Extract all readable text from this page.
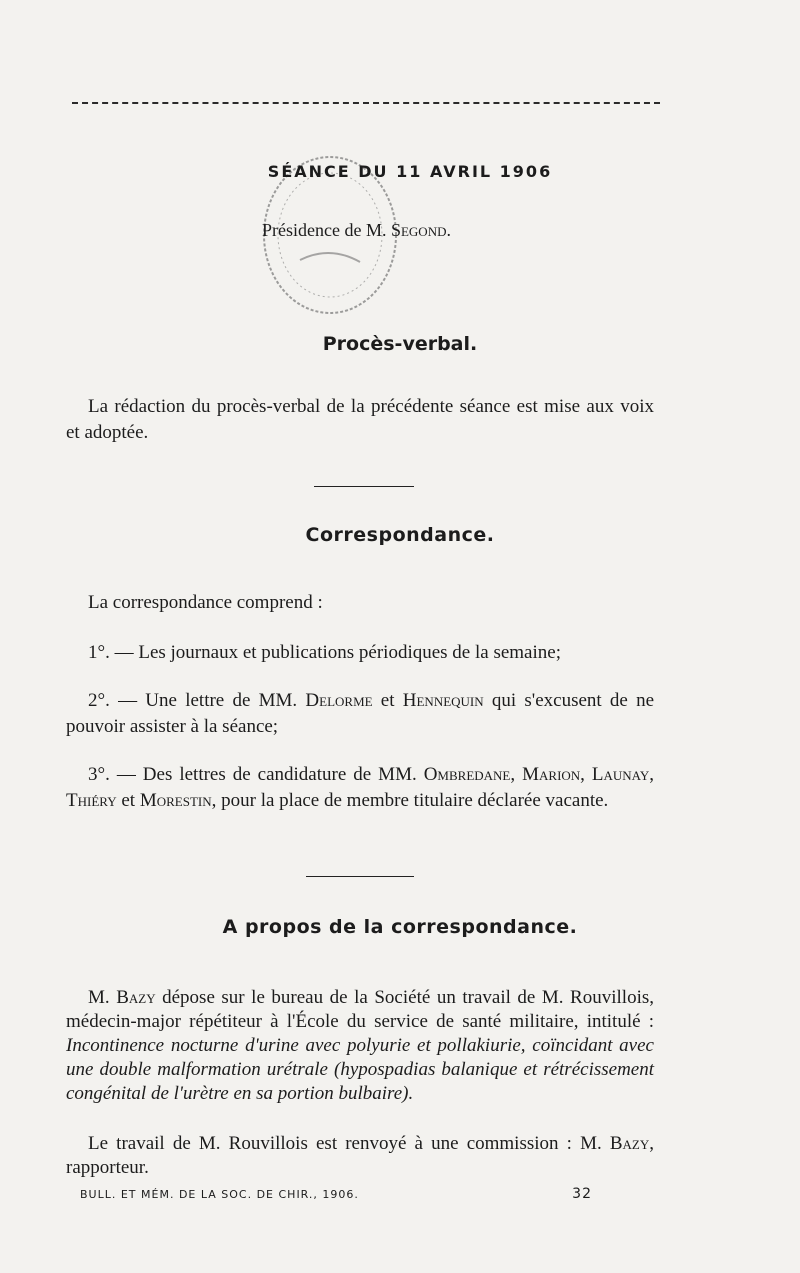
SÉANCE DU 11 AVRIL 1906
Présidence de M. Segond.
Procès-verbal.
La rédaction du procès-verbal de la précédente séance est mise aux voix et adoptée.
Correspondance.
La correspondance comprend :
1°. — Les journaux et publications périodiques de la semaine;
2°. — Une lettre de MM. Delorme et Hennequin qui s'excusent de ne pouvoir assister à la séance;
3°. — Des lettres de candidature de MM. Ombredane, Marion, Launay, Thiéry et Morestin, pour la place de membre titulaire déclarée vacante.
A propos de la correspondance.
M. Bazy dépose sur le bureau de la Société un travail de M. Rouvillois, médecin-major répétiteur à l'École du service de santé militaire, intitulé : Incontinence nocturne d'urine avec polyurie et pollakiurie, coïncidant avec une double malformation urétrale (hypospadias balanique et rétrécissement congénital de l'urètre en sa portion bulbaire).
Le travail de M. Rouvillois est renvoyé à une commission : M. Bazy, rapporteur.
BULL. ET MÉM. DE LA SOC. DE CHIR., 1906.	32
